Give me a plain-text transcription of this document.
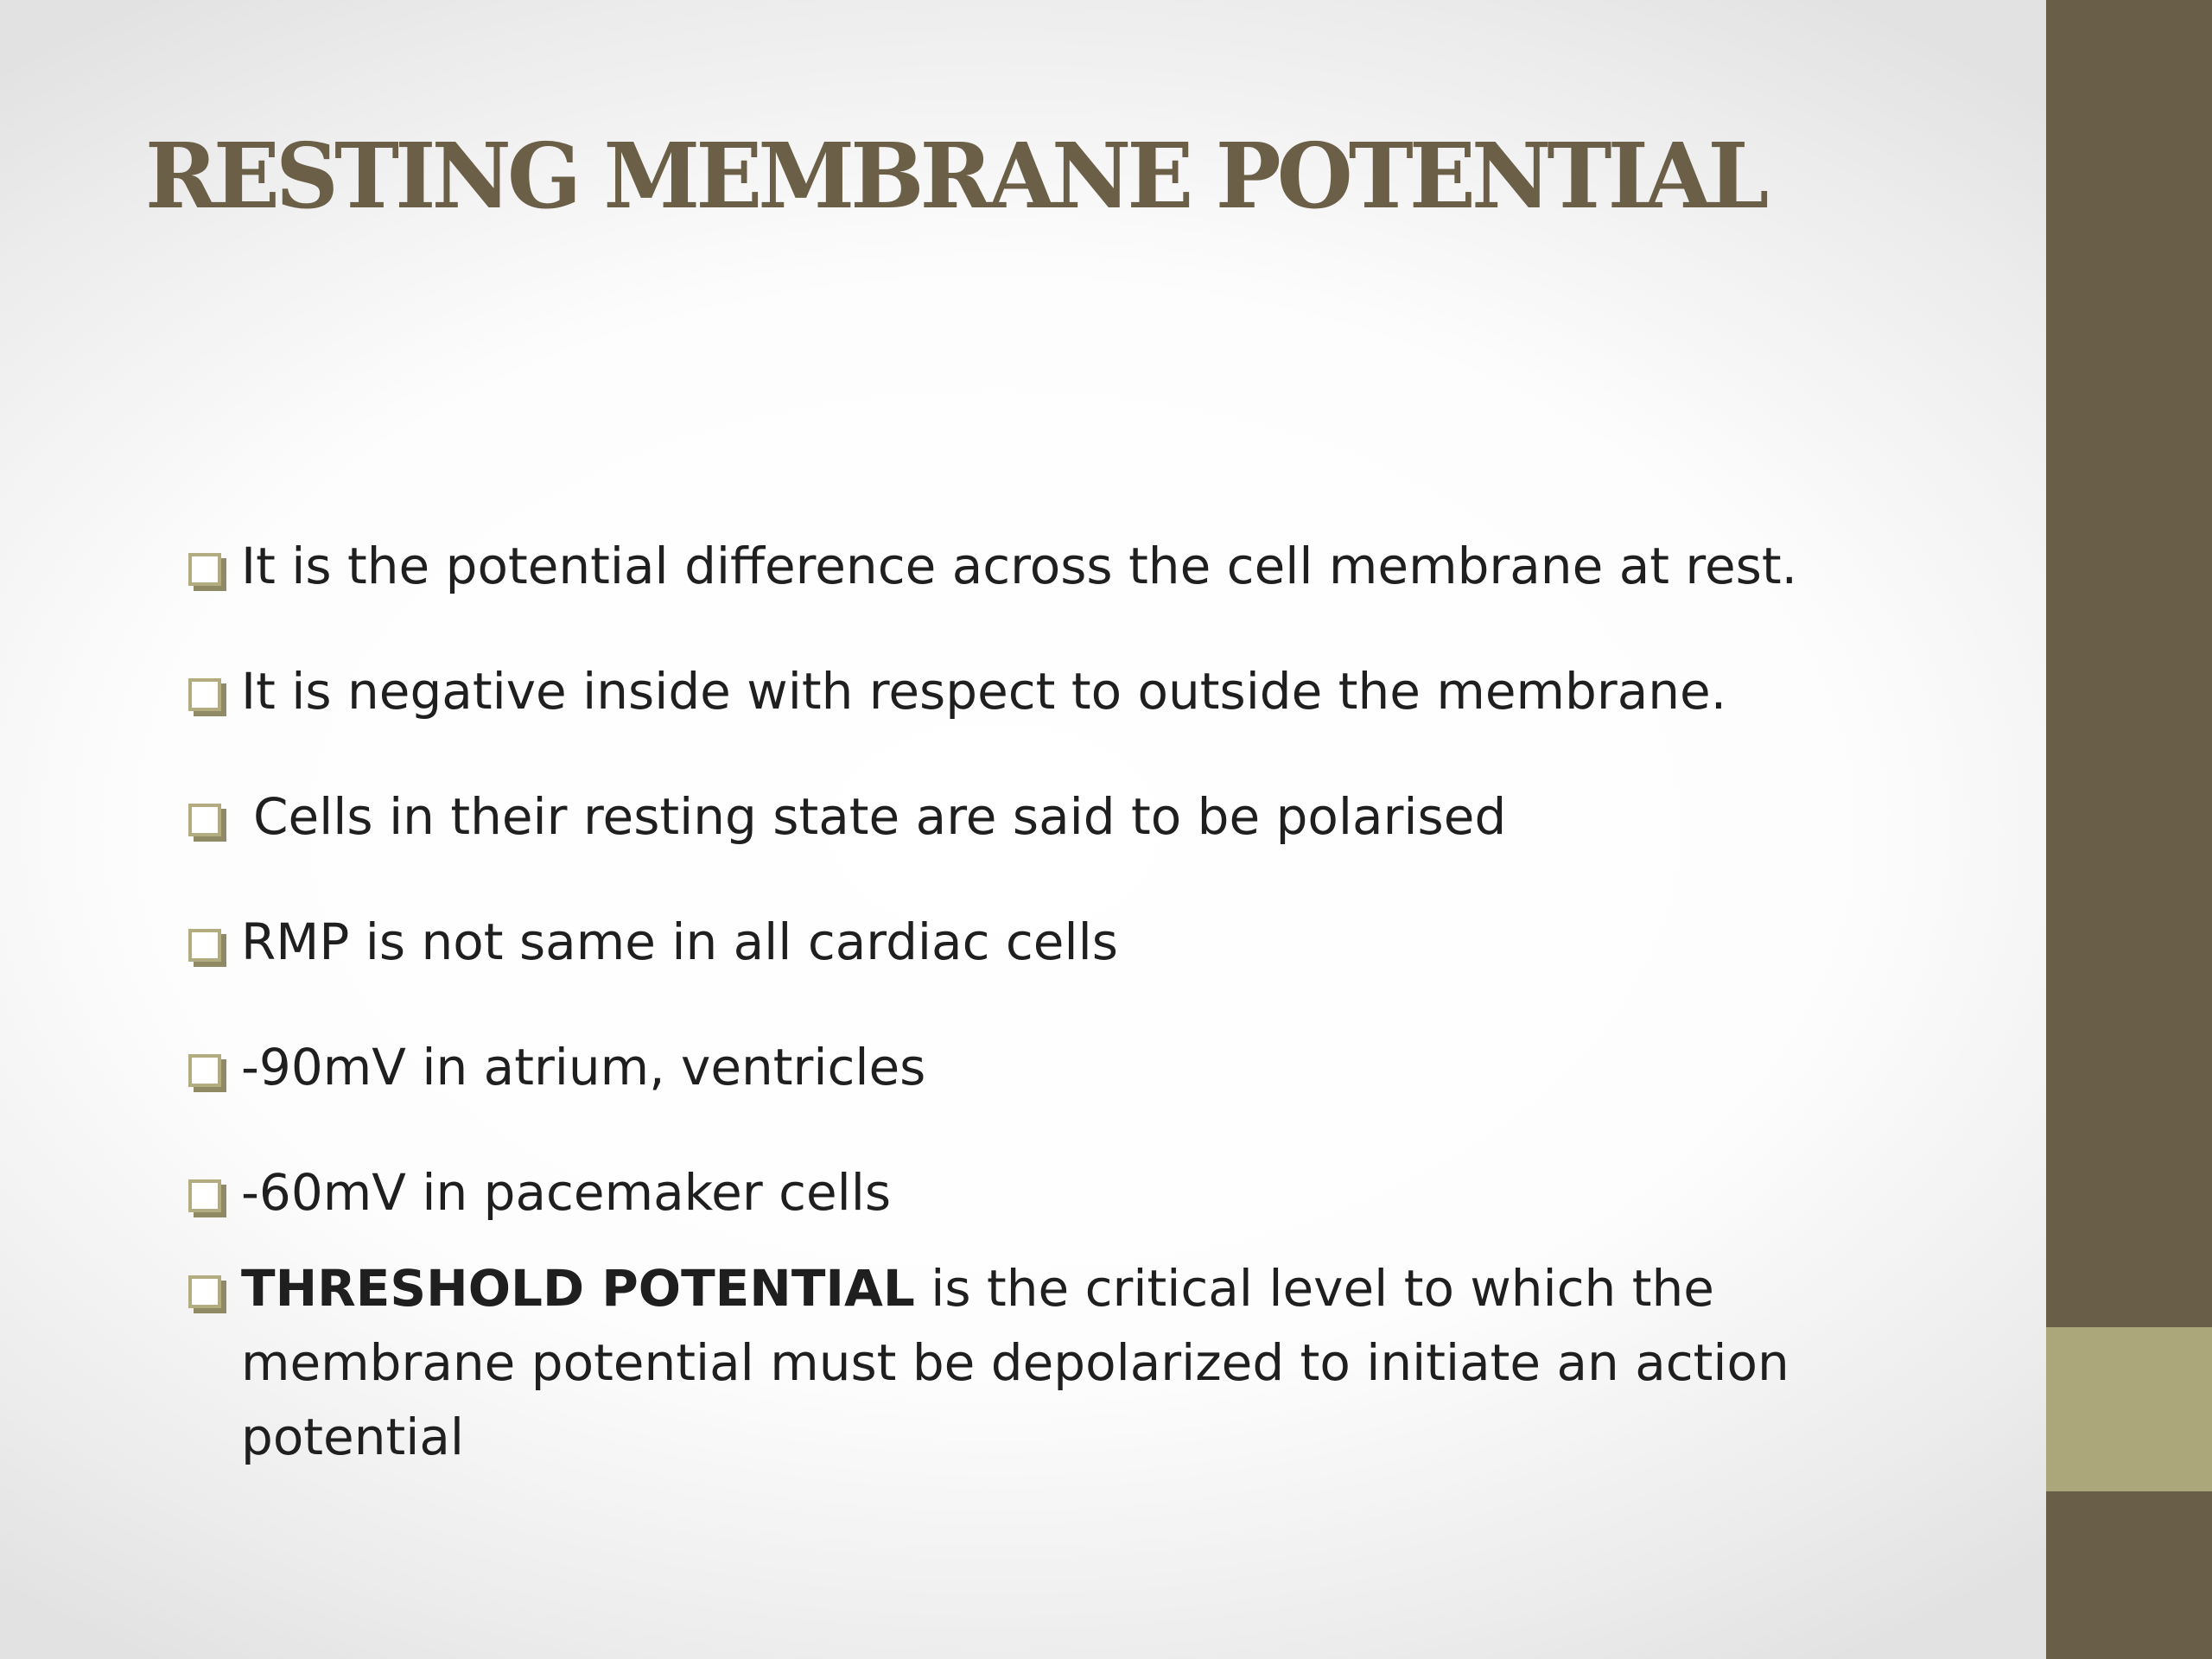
RESTING MEMBRANE POTENTIAL
It is the potential difference across the cell membrane at rest.
It is negative inside with respect to outside the membrane.
Cells in their resting state are said to be polarised
RMP is not same in all cardiac cells
-90mV in atrium, ventricles
-60mV in pacemaker cells
THRESHOLD POTENTIAL is the critical level to which the membrane potential must be depolarized to initiate an action potential
